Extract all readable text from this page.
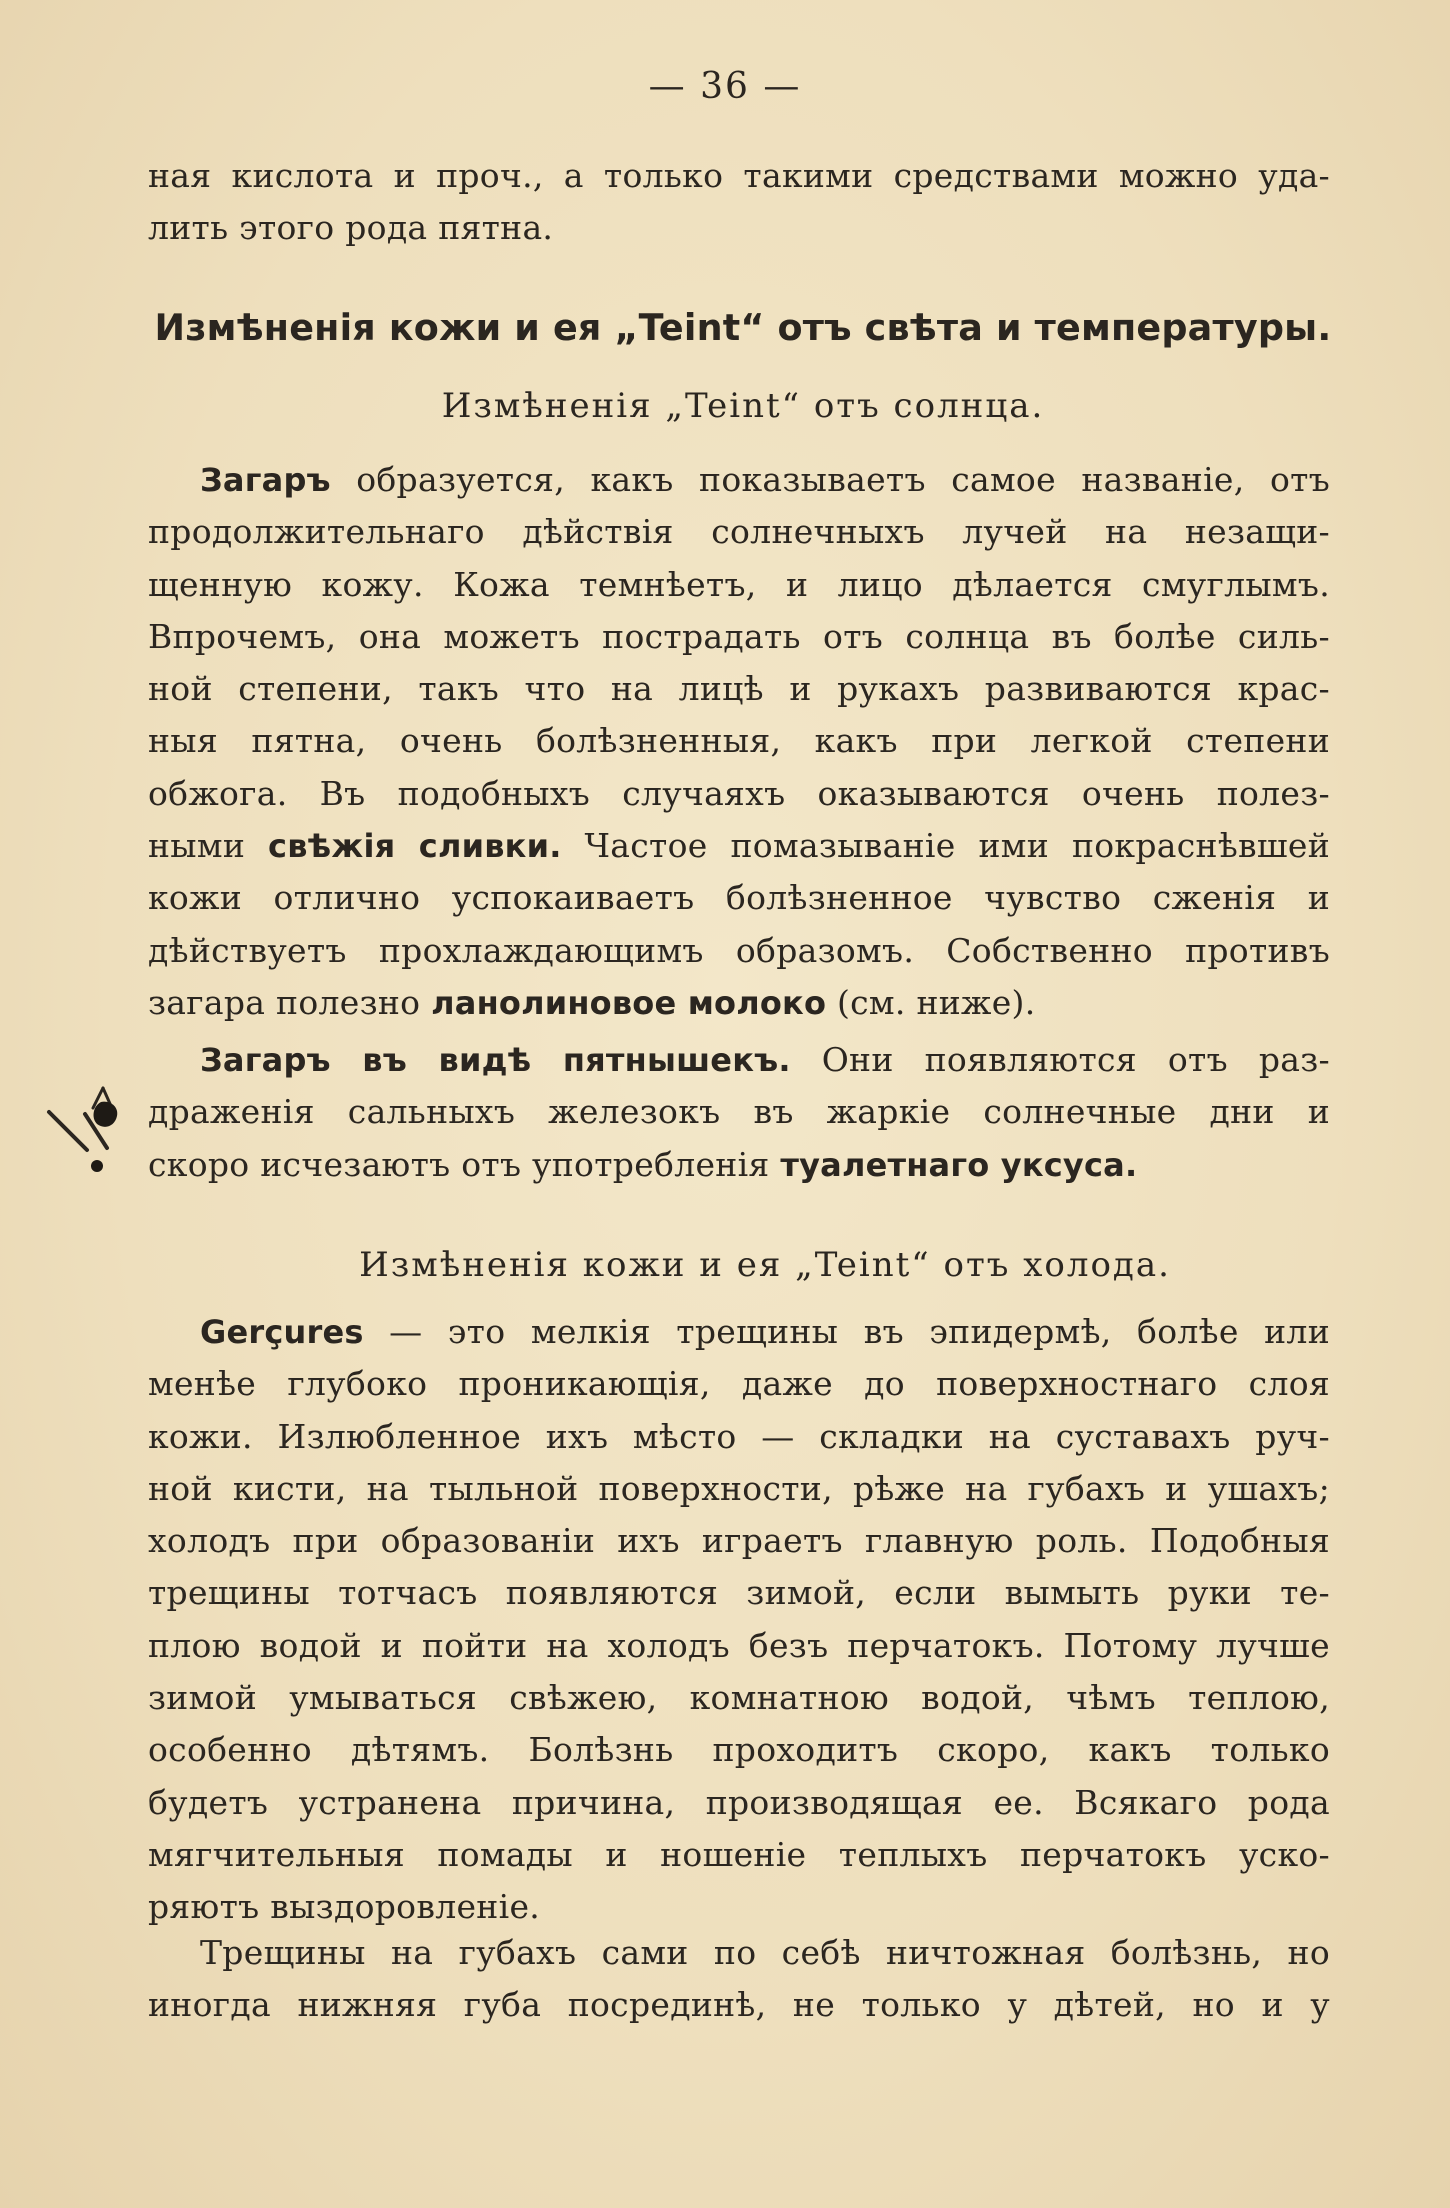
— 36 —
ная кислота и проч., а только такими средствами можно уда-
лить этого рода пятна.
Измѣненія кожи и ея „Teint“ отъ свѣта и температуры.
Измѣненія „Teint“ отъ солнца.
Загаръ образуется, какъ показываетъ самое названіе, отъ
продолжительнаго дѣйствія солнечныхъ лучей на незащи-
щенную кожу. Кожа темнѣетъ, и лицо дѣлается смуглымъ.
Впрочемъ, она можетъ пострадать отъ солнца въ болѣе силь-
ной степени, такъ что на лицѣ и рукахъ развиваются крас-
ныя пятна, очень болѣзненныя, какъ при легкой степени
обжога. Въ подобныхъ случаяхъ оказываются очень полез-
ными свѣжія сливки. Частое помазываніе ими покраснѣвшей
кожи отлично успокаиваетъ болѣзненное чувство сженія и
дѣйствуетъ прохлаждающимъ образомъ. Собственно противъ
загара полезно ланолиновое молоко (см. ниже).
Загаръ въ видѣ пятнышекъ. Они появляются отъ раз-
драженія сальныхъ железокъ въ жаркіе солнечные дни и
скоро исчезаютъ отъ употребленія туалетнаго уксуса.
Измѣненія кожи и ея „Teint“ отъ холода.
Gerçures — это мелкія трещины въ эпидермѣ, болѣе или
менѣе глубоко проникающія, даже до поверхностнаго слоя
кожи. Излюбленное ихъ мѣсто — складки на суставахъ руч-
ной кисти, на тыльной поверхности, рѣже на губахъ и ушахъ;
холодъ при образованіи ихъ играетъ главную роль. Подобныя
трещины тотчасъ появляются зимой, если вымыть руки те-
плою водой и пойти на холодъ безъ перчатокъ. Потому лучше
зимой умываться свѣжею, комнатною водой, чѣмъ теплою,
особенно дѣтямъ. Болѣзнь проходитъ скоро, какъ только
будетъ устранена причина, производящая ее. Всякаго рода
мягчительныя помады и ношеніе теплыхъ перчатокъ уско-
ряютъ выздоровленіе.
Трещины на губахъ сами по себѣ ничтожная болѣзнь, но
иногда нижняя губа посрединѣ, не только у дѣтей, но и у
